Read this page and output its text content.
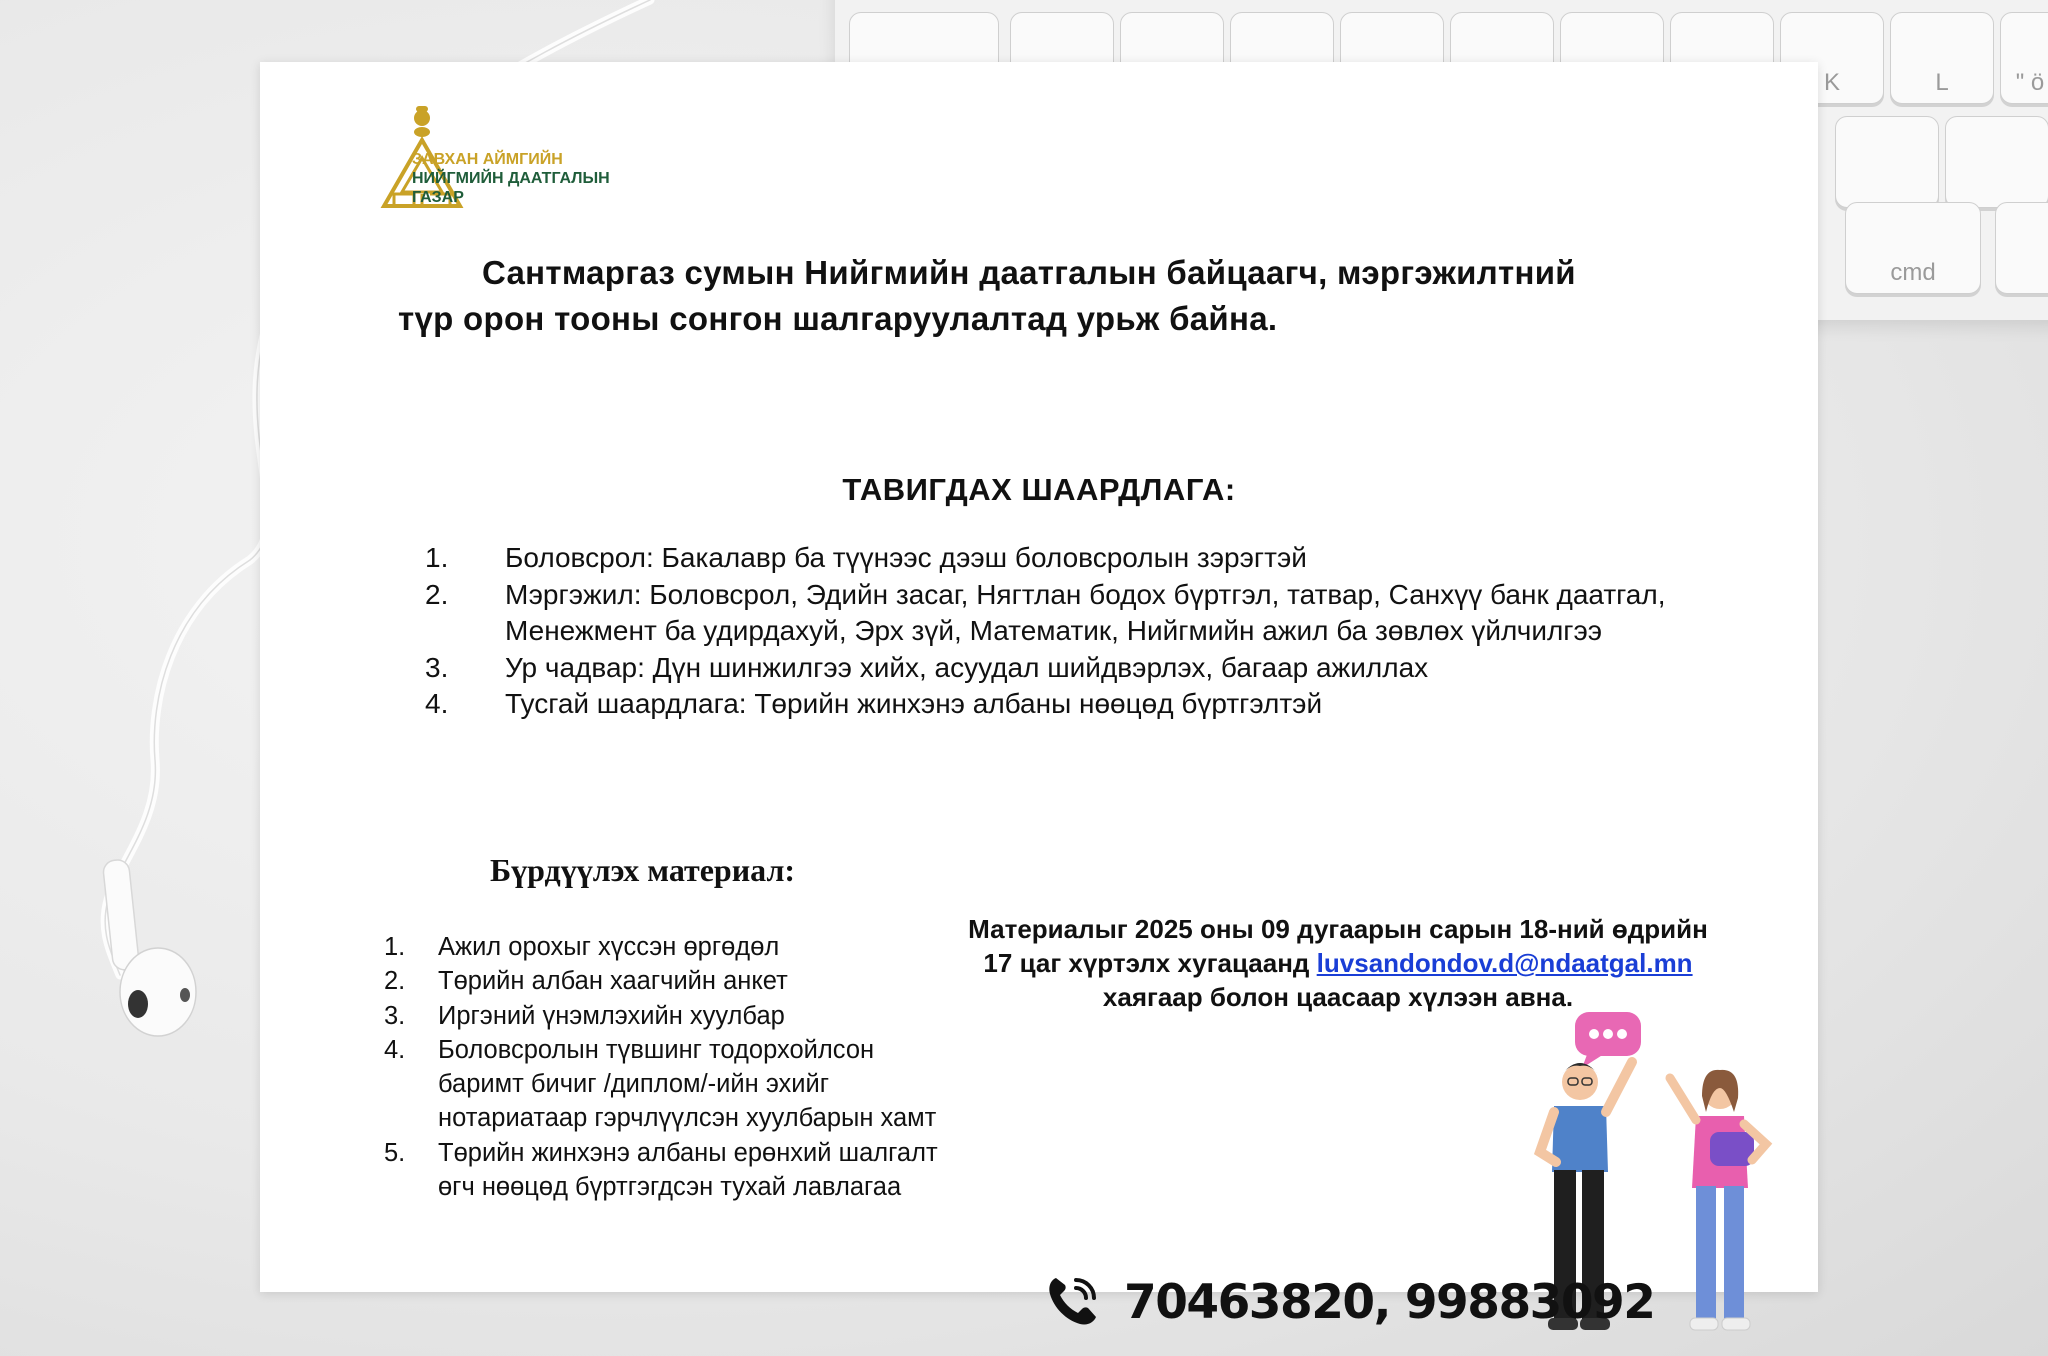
K	L	" ö
cmd
ЗАВХАН АЙМГИЙН
НИЙГМИЙН ДААТГАЛЫН
ГАЗАР
Сантмаргаз сумын Нийгмийн даатгалын байцаагч, мэргэжилтний
түр орон тооны сонгон шалгаруулалтад урьж байна.
ТАВИГДАХ ШААРДЛАГА:
1. Боловсрол: Бакалавр ба түүнээс дээш боловсролын зэрэгтэй
2. Мэргэжил: Боловсрол, Эдийн засаг, Нягтлан бодох бүртгэл, татвар, Санхүү банк даатгал, Менежмент ба удирдахуй, Эрх зүй, Математик, Нийгмийн ажил ба зөвлөх үйлчилгээ
3. Ур чадвар: Дүн шинжилгээ хийх, асуудал шийдвэрлэх, багаар ажиллах
4. Тусгай шаардлага: Төрийн жинхэнэ албаны нөөцөд бүртгэлтэй
Бүрдүүлэх материал:
1. Ажил орохыг хүссэн өргөдөл
2. Төрийн албан хаагчийн анкет
3. Иргэний үнэмлэхийн хуулбар
4. Боловсролын түвшинг тодорхойлсон баримт бичиг /диплом/-ийн эхийг нотариатаар гэрчлүүлсэн хуулбарын хамт
5. Төрийн жинхэнэ албаны ерөнхий шалгалт өгч нөөцөд бүртгэгдсэн тухай лавлагаа
Материалыг 2025 оны 09 дугаарын сарын 18-ний өдрийн
17 цаг хүртэлх хугацаанд luvsandondov.d@ndaatgal.mn
хаягаар болон цаасаар хүлээн авна.
70463820, 99883092
